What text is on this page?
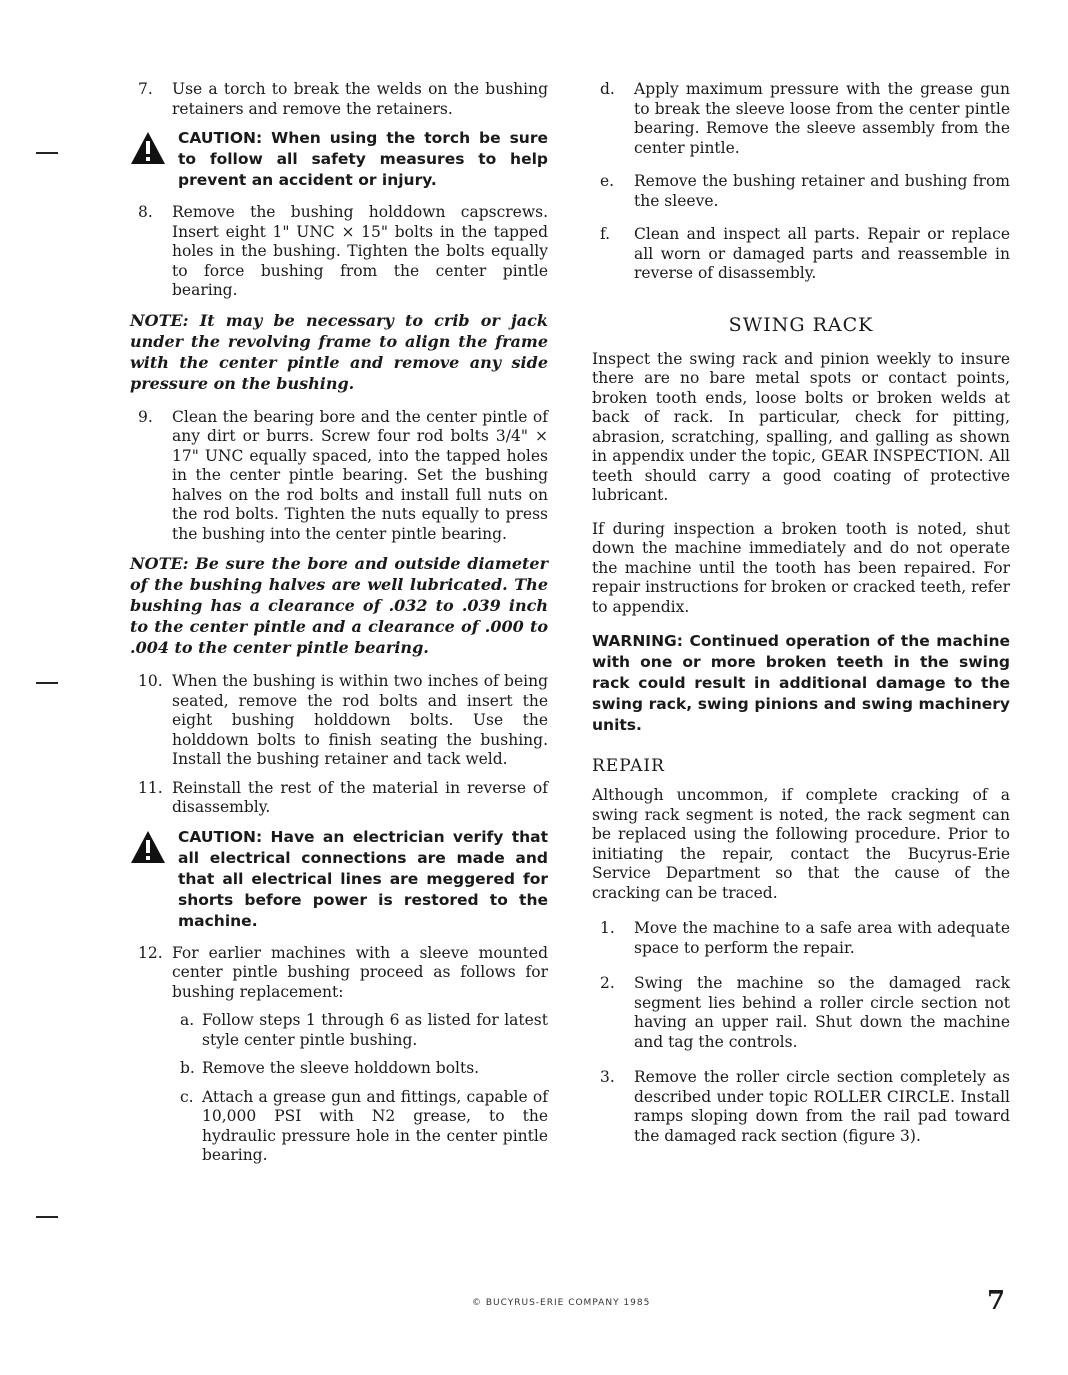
7.	Use a torch to break the welds on the bushing retainers and remove the retainers.
CAUTION: When using the torch be sure to follow all safety measures to help prevent an accident or injury.
8.	Remove the bushing holddown capscrews. Insert eight 1" UNC × 15" bolts in the tapped holes in the bushing. Tighten the bolts equally to force bushing from the center pintle bearing.
NOTE: It may be necessary to crib or jack under the revolving frame to align the frame with the center pintle and remove any side pressure on the bushing.
9.	Clean the bearing bore and the center pintle of any dirt or burrs. Screw four rod bolts 3/4" × 17" UNC equally spaced, into the tapped holes in the center pintle bearing. Set the bushing halves on the rod bolts and install full nuts on the rod bolts. Tighten the nuts equally to press the bushing into the center pintle bearing.
NOTE: Be sure the bore and outside diameter of the bushing halves are well lubricated. The bushing has a clearance of .032 to .039 inch to the center pintle and a clearance of .000 to .004 to the center pintle bearing.
10. When the bushing is within two inches of being seated, remove the rod bolts and insert the eight bushing holddown bolts. Use the holddown bolts to finish seating the bushing. Install the bushing retainer and tack weld.
11. Reinstall the rest of the material in reverse of disassembly.
CAUTION: Have an electrician verify that all electrical connections are made and that all electrical lines are meggered for shorts before power is restored to the machine.
12. For earlier machines with a sleeve mounted center pintle bushing proceed as follows for bushing replacement:
a. Follow steps 1 through 6 as listed for latest style center pintle bushing.
b. Remove the sleeve holddown bolts.
c. Attach a grease gun and fittings, capable of 10,000 PSI with N2 grease, to the hydraulic pressure hole in the center pintle bearing.
d.	Apply maximum pressure with the grease gun to break the sleeve loose from the center pintle bearing. Remove the sleeve assembly from the center pintle.
e.	Remove the bushing retainer and bushing from the sleeve.
f.	Clean and inspect all parts. Repair or replace all worn or damaged parts and reassemble in reverse of disassembly.
SWING RACK

Inspect the swing rack and pinion weekly to insure there are no bare metal spots or contact points, broken tooth ends, loose bolts or broken welds at back of rack. In particular, check for pitting, abrasion, scratching, spalling, and galling as shown in appendix under the topic, GEAR INSPECTION. All teeth should carry a good coating of protective lubricant.

If during inspection a broken tooth is noted, shut down the machine immediately and do not operate the machine until the tooth has been repaired. For repair instructions for broken or cracked teeth, refer to appendix.

WARNING: Continued operation of the machine with one or more broken teeth in the swing rack could result in additional damage to the swing rack, swing pinions and swing machinery units.
REPAIR

Although uncommon, if complete cracking of a swing rack segment is noted, the rack segment can be replaced using the following procedure. Prior to initiating the repair, contact the Bucyrus-Erie Service Department so that the cause of the cracking can be traced.

1.	Move the machine to a safe area with adequate space to perform the repair.
2.	Swing the machine so the damaged rack segment lies behind a roller circle section not having an upper rail. Shut down the machine and tag the controls.
3.	Remove the roller circle section completely as described under topic ROLLER CIRCLE. Install ramps sloping down from the rail pad toward the damaged rack section (figure 3).
© BUCYRUS-ERIE COMPANY 1985	7
